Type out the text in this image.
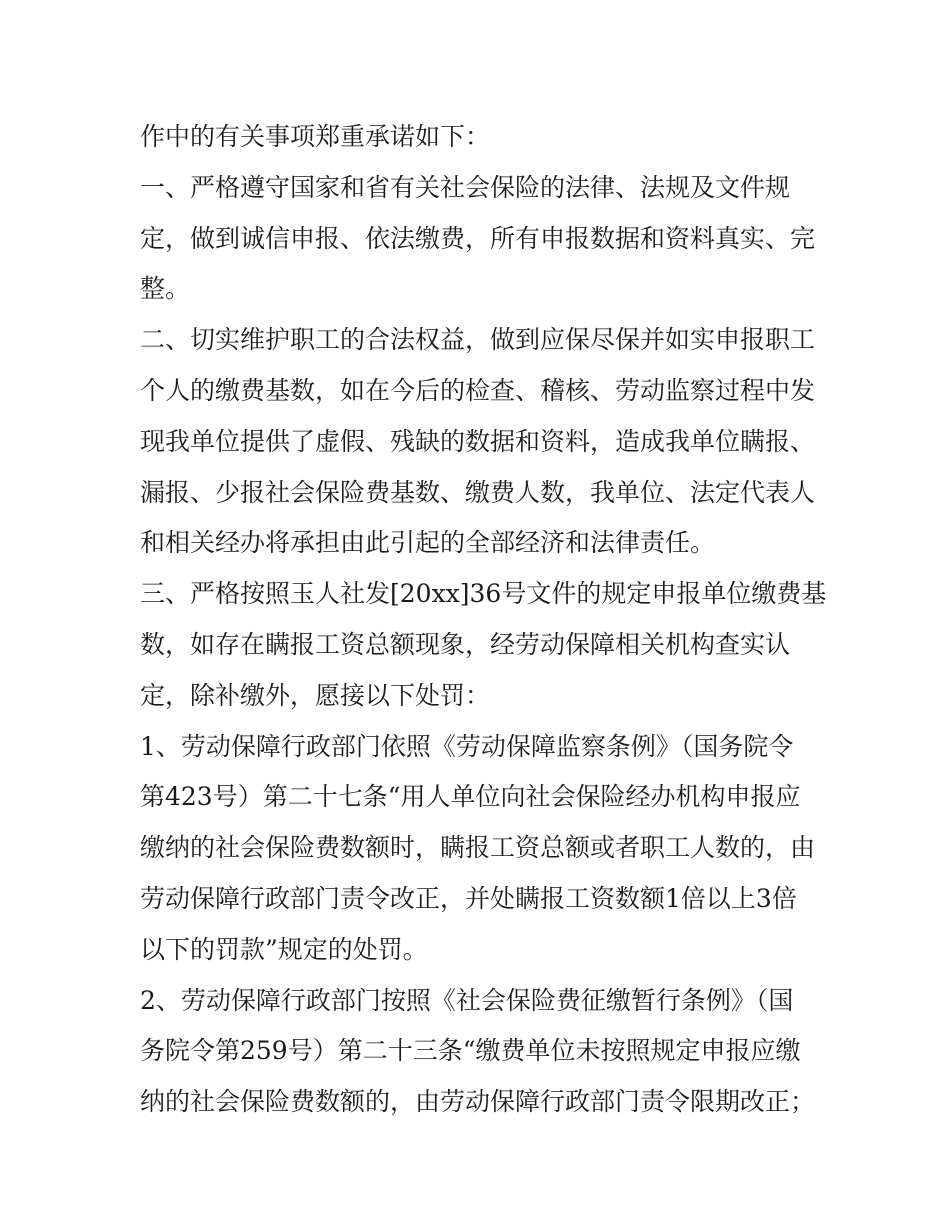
作中的有关事项郑重承诺如下：
一、严格遵守国家和省有关社会保险的法律、法规及文件规
定，做到诚信申报、依法缴费，所有申报数据和资料真实、完
整。
二、切实维护职工的合法权益，做到应保尽保并如实申报职工
个人的缴费基数，如在今后的检查、稽核、劳动监察过程中发
现我单位提供了虚假、残缺的数据和资料，造成我单位瞒报、
漏报、少报社会保险费基数、缴费人数，我单位、法定代表人
和相关经办将承担由此引起的全部经济和法律责任。
三、严格按照玉人社发[20xx]36号文件的规定申报单位缴费基
数，如存在瞒报工资总额现象，经劳动保障相关机构查实认
定，除补缴外，愿接以下处罚：
1、劳动保障行政部门依照《劳动保障监察条例》（国务院令
第423号）第二十七条“用人单位向社会保险经办机构申报应
缴纳的社会保险费数额时，瞒报工资总额或者职工人数的，由
劳动保障行政部门责令改正，并处瞒报工资数额1倍以上3倍
以下的罚款”规定的处罚。
2、劳动保障行政部门按照《社会保险费征缴暂行条例》（国
务院令第259号）第二十三条“缴费单位未按照规定申报应缴
纳的社会保险费数额的，由劳动保障行政部门责令限期改正；
